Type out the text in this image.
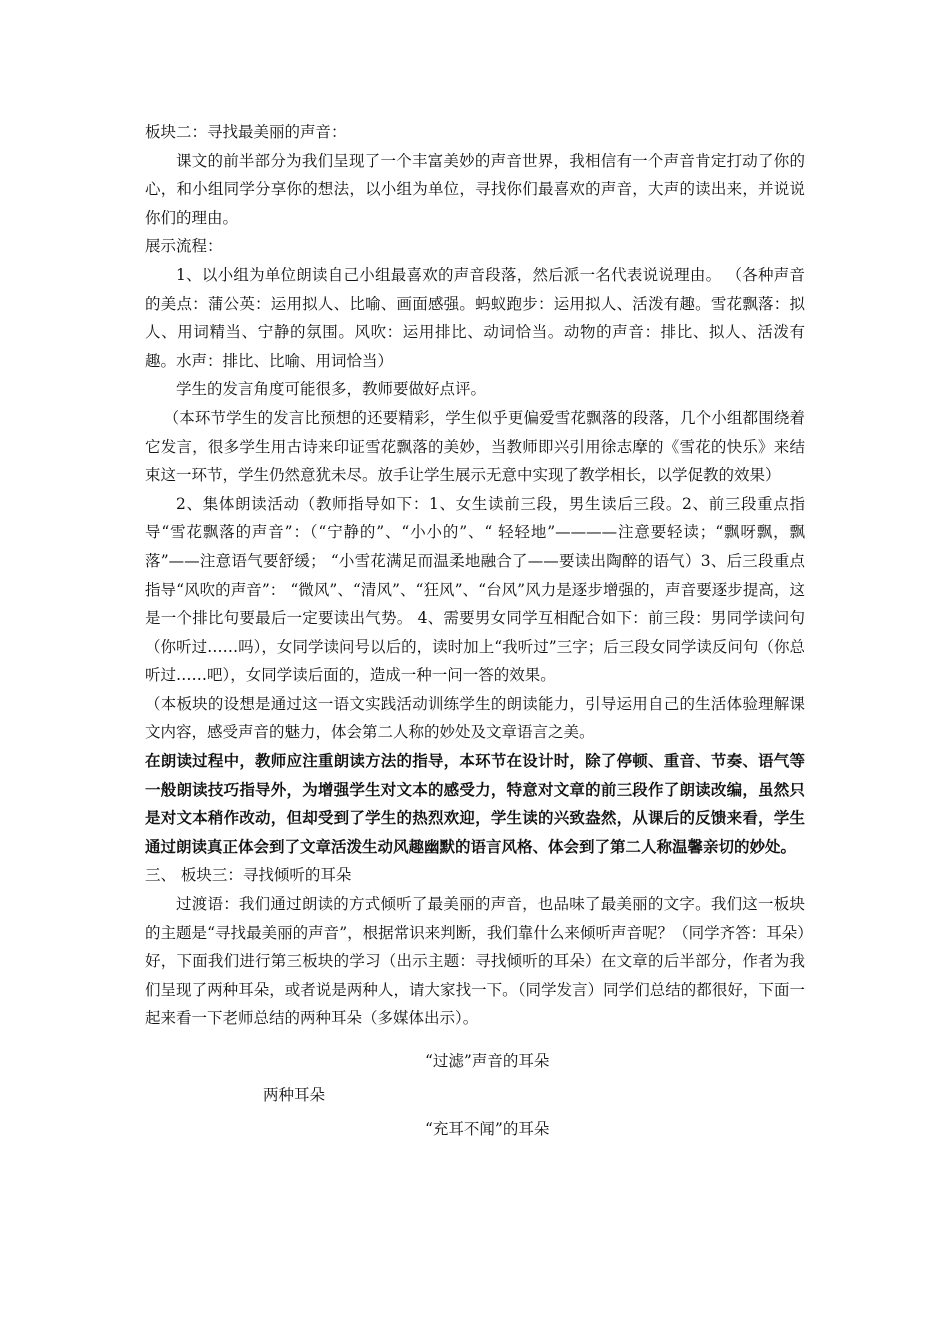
板块二：寻找最美丽的声音：

课文的前半部分为我们呈现了一个丰富美妙的声音世界，我相信有一个声音肯定打动了你的心，和小组同学分享你的想法，以小组为单位，寻找你们最喜欢的声音，大声的读出来，并说说你们的理由。

展示流程：

1、以小组为单位朗读自己小组最喜欢的声音段落，然后派一名代表说说理由。 （各种声音的美点：蒲公英：运用拟人、比喻、画面感强。蚂蚁跑步：运用拟人、活泼有趣。雪花飘落：拟人、用词精当、宁静的氛围。风吹：运用排比、动词恰当。动物的声音：排比、拟人、活泼有趣。水声：排比、比喻、用词恰当）

学生的发言角度可能很多，教师要做好点评。

（本环节学生的发言比预想的还要精彩，学生似乎更偏爱雪花飘落的段落，几个小组都围绕着它发言，很多学生用古诗来印证雪花飘落的美妙，当教师即兴引用徐志摩的《雪花的快乐》来结束这一环节，学生仍然意犹未尽。放手让学生展示无意中实现了教学相长，以学促教的效果）

2、集体朗读活动（教师指导如下：1、女生读前三段，男生读后三段。2、前三段重点指导“雪花飘落的声音”：（“宁静的”、“小小的”、“ 轻轻地”————注意要轻读；“飘呀飘，飘落”——注意语气要舒缓； “小雪花满足而温柔地融合了——要读出陶醉的语气）3、后三段重点指导“风吹的声音”： “微风”、“清风”、“狂风”、“台风”风力是逐步增强的，声音要逐步提高，这是一个排比句要最后一定要读出气势。 4、需要男女同学互相配合如下：前三段：男同学读问句（你听过……吗），女同学读问号以后的，读时加上“我听过”三字；后三段女同学读反问句（你总听过……吧），女同学读后面的，造成一种一问一答的效果。

（本板块的设想是通过这一语文实践活动训练学生的朗读能力，引导运用自己的生活体验理解课文内容，感受声音的魅力，体会第二人称的妙处及文章语言之美。

在朗读过程中，教师应注重朗读方法的指导，本环节在设计时，除了停顿、重音、节奏、语气等一般朗读技巧指导外，为增强学生对文本的感受力，特意对文章的前三段作了朗读改编，虽然只是对文本稍作改动，但却受到了学生的热烈欢迎，学生读的兴致盎然，从课后的反馈来看，学生通过朗读真正体会到了文章活泼生动风趣幽默的语言风格、体会到了第二人称温馨亲切的妙处。

三、 板块三：寻找倾听的耳朵

过渡语：我们通过朗读的方式倾听了最美丽的声音，也品味了最美丽的文字。我们这一板块的主题是“寻找最美丽的声音”，根据常识来判断，我们靠什么来倾听声音呢？（同学齐答：耳朵）好，下面我们进行第三板块的学习（出示主题：寻找倾听的耳朵）在文章的后半部分，作者为我们呈现了两种耳朵，或者说是两种人，请大家找一下。（同学发言）同学们总结的都很好，下面一起来看一下老师总结的两种耳朵（多媒体出示）。

“过滤”声音的耳朵
两种耳朵
“充耳不闻”的耳朵
